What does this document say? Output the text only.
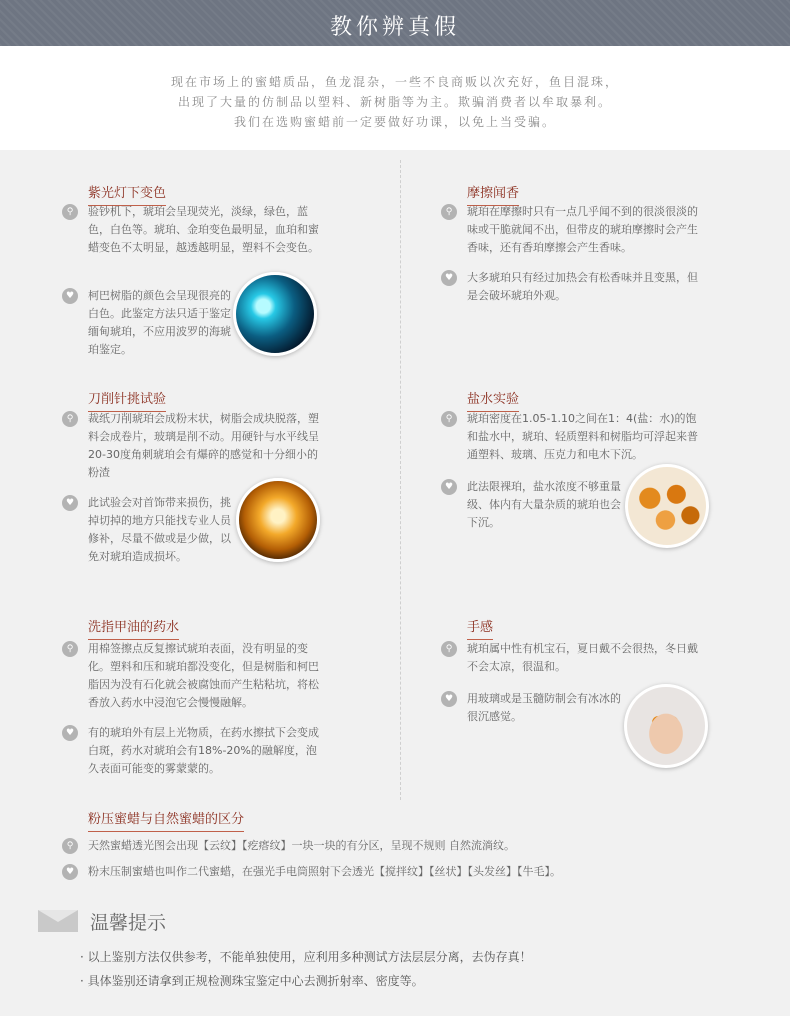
教你辨真假
现在市场上的蜜蜡质品，鱼龙混杂，一些不良商贩以次充好，鱼目混珠，
出现了大量的仿制品以塑料、新树脂等为主。欺骗消费者以牟取暴利。
我们在选购蜜蜡前一定要做好功课，以免上当受骗。
紫光灯下变色
⚲	验钞机下，琥珀会呈现荧光，淡绿，绿色，蓝色，白色等。琥珀、金珀变色最明显，血珀和蜜蜡变色不太明显，越透越明显，塑料不会变色。
♥	柯巴树脂的颜色会呈现很亮的白色。此鉴定方法只适于鉴定缅甸琥珀，不应用波罗的海琥珀鉴定。
摩擦闻香
⚲	琥珀在摩擦时只有一点几乎闻不到的很淡很淡的味或干脆就闻不出，但带皮的琥珀摩擦时会产生香味，还有香珀摩擦会产生香味。
♥	大多琥珀只有经过加热会有松香味并且变黑，但是会破坏琥珀外观。
刀削针挑试验
⚲	裁纸刀削琥珀会成粉末状，树脂会成块脱落，塑料会成卷片，玻璃是削不动。用硬针与水平线呈20-30度角刺琥珀会有爆碎的感觉和十分细小的粉渣
♥	此试验会对首饰带来损伤，挑掉切掉的地方只能找专业人员修补，尽量不做或是少做，以免对琥珀造成损坏。
盐水实验
⚲	琥珀密度在1.05-1.10之间在1：4(盐：水)的饱和盐水中，琥珀、轻质塑料和树脂均可浮起来普通塑料、玻璃、压克力和电木下沉。
♥	此法限裸珀，盐水浓度不够重量级、体内有大量杂质的琥珀也会下沉。
洗指甲油的药水
⚲	用棉签擦点反复擦试琥珀表面，没有明显的变化。塑料和压和琥珀都没变化，但是树脂和柯巴脂因为没有石化就会被腐蚀而产生粘粘坑，将松香放入药水中浸泡它会慢慢融解。
♥	有的琥珀外有层上光物质，在药水擦拭下会变成白斑，药水对琥珀会有18%-20%的融解度，泡久表面可能变的雾蒙蒙的。
手感
⚲	琥珀属中性有机宝石，夏日戴不会很热，冬日戴不会太凉，很温和。
♥	用玻璃或是玉髓防制会有冰冰的很沉感觉。
粉压蜜蜡与自然蜜蜡的区分
⚲	天然蜜蜡透光图会出现【云纹】【疙瘩纹】一块一块的有分区，呈现不规则 自然流淌纹。
♥	粉末压制蜜蜡也叫作二代蜜蜡，在强光手电筒照射下会透光【搅拌纹】【丝状】【头发丝】【牛毛】。
温馨提示
· 以上鉴别方法仅供参考，不能单独使用，应利用多种测试方法层层分离，去伪存真！
· 具体鉴别还请拿到正规检测珠宝鉴定中心去测折射率、密度等。
